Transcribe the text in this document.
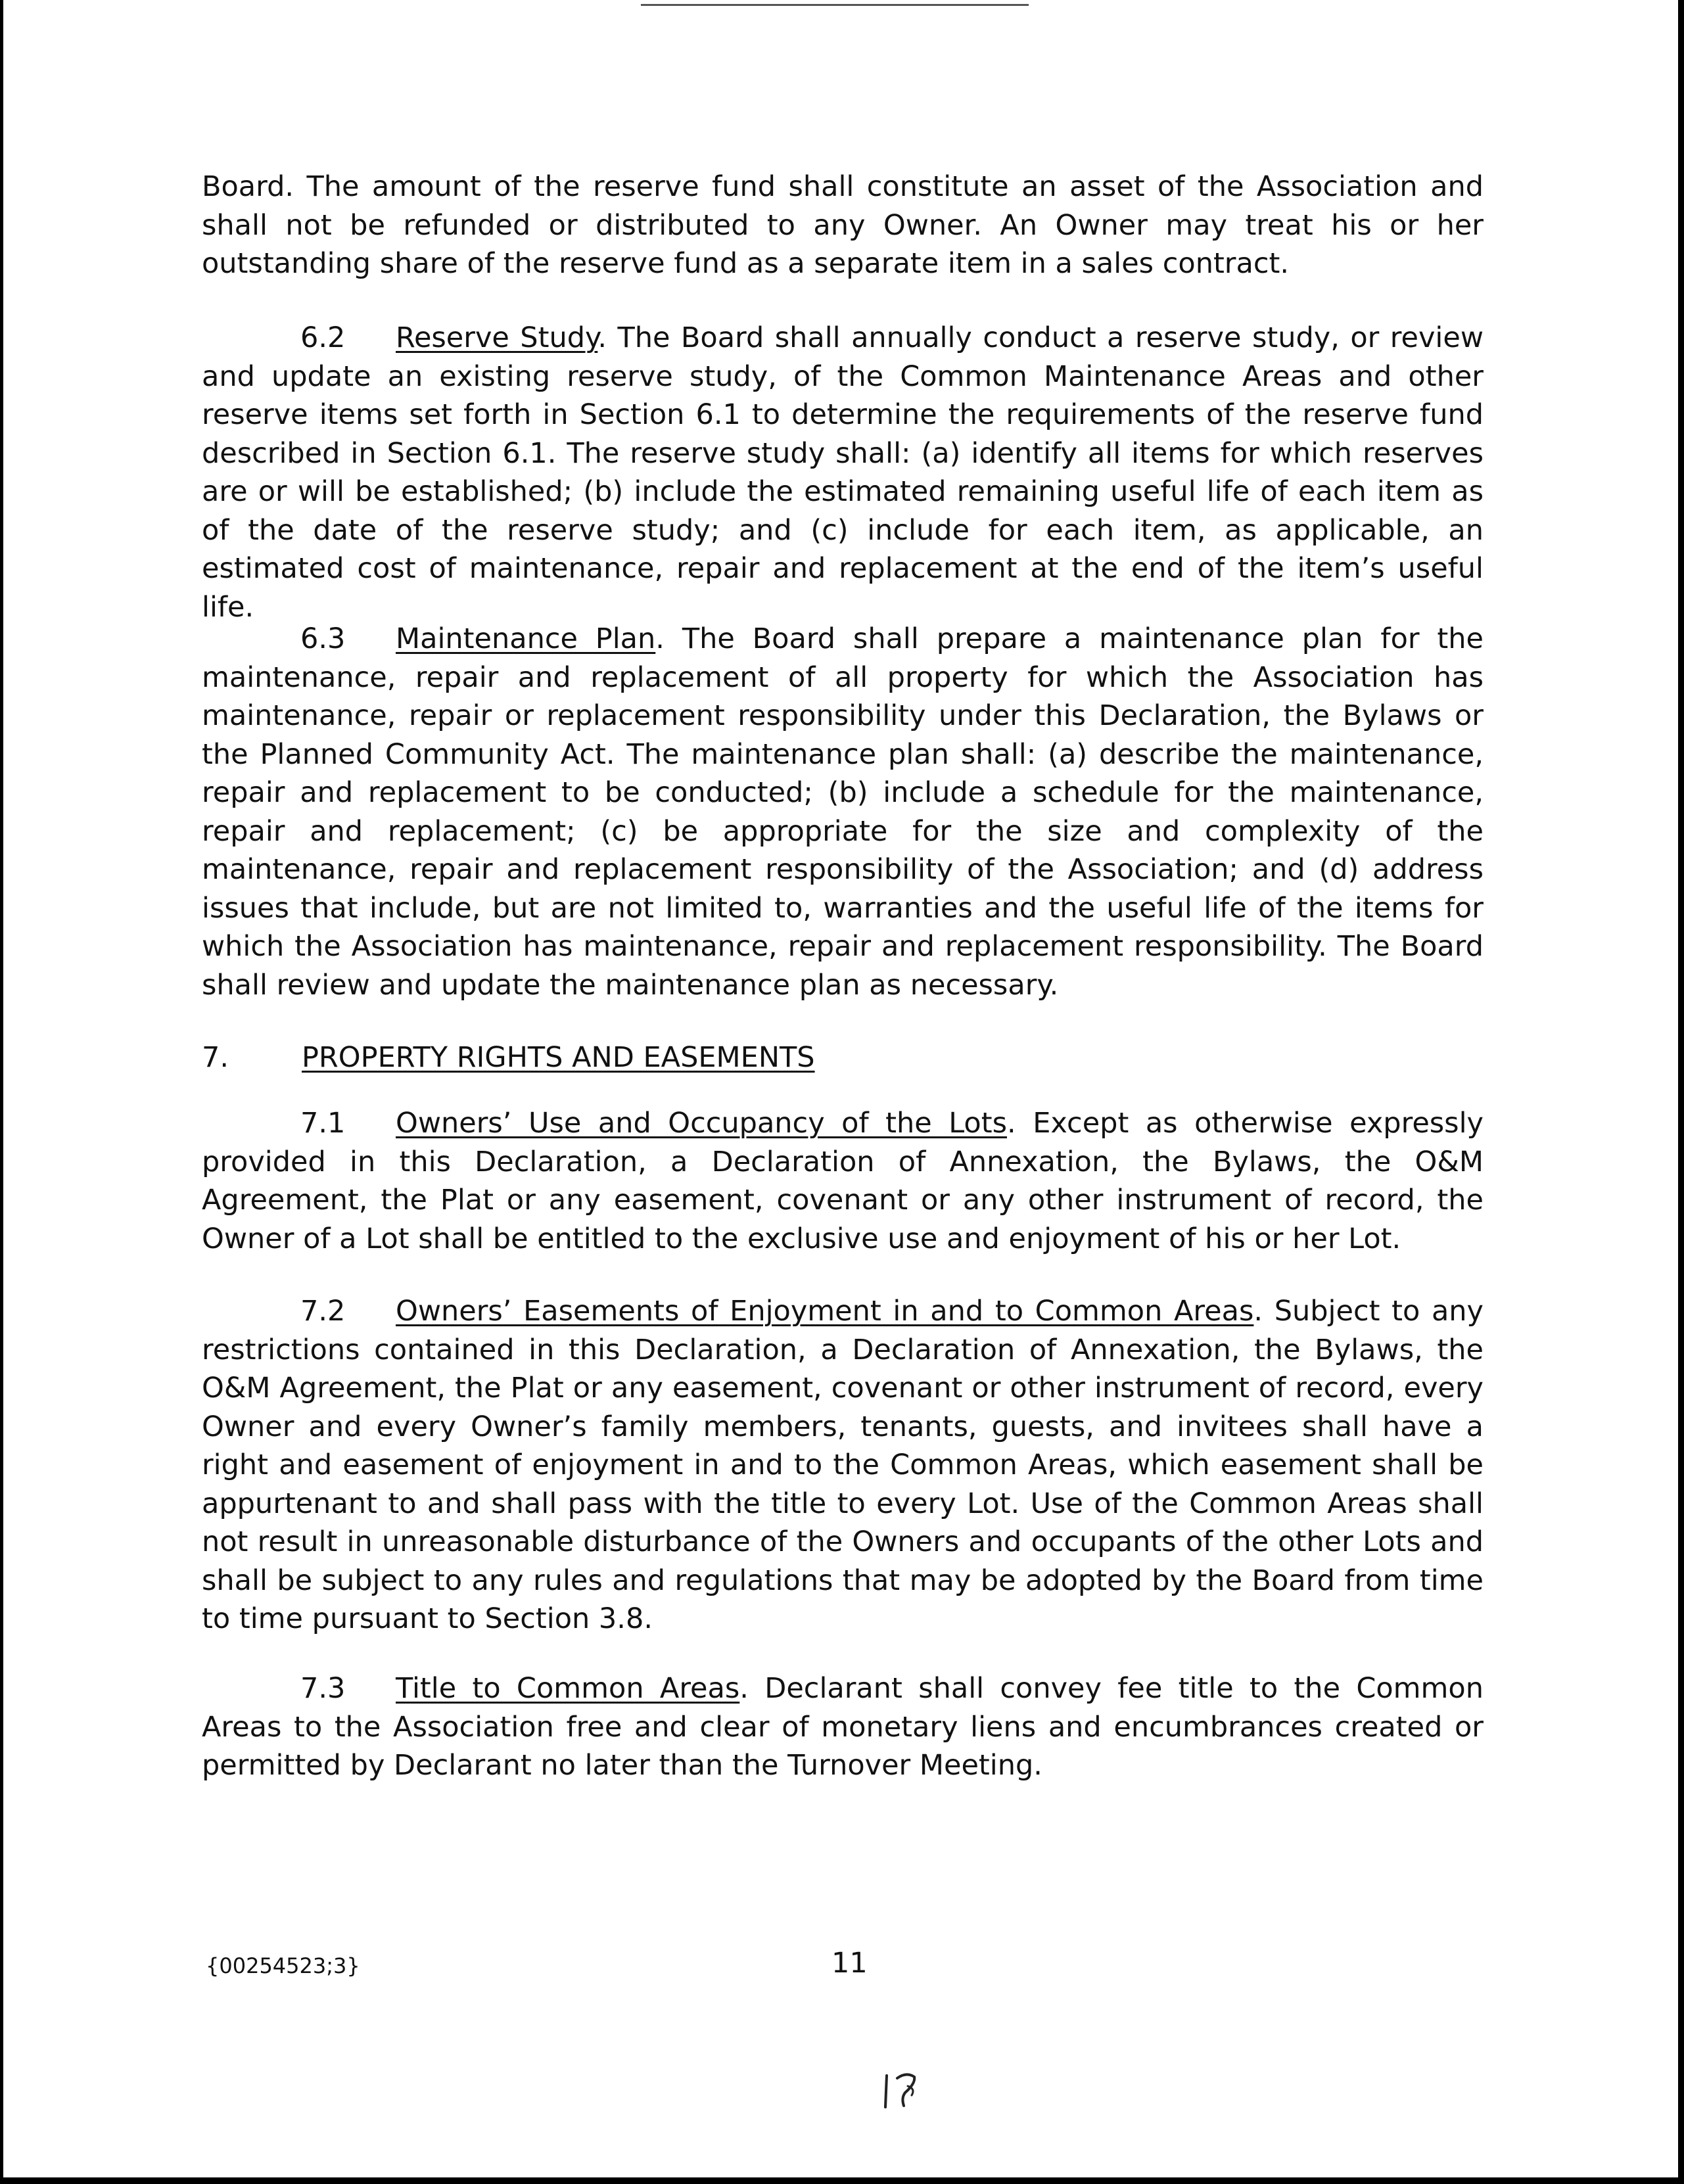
Board. The amount of the reserve fund shall constitute an asset of the Association and shall not be refunded or distributed to any Owner. An Owner may treat his or her outstanding share of the reserve fund as a separate item in a sales contract.

6.2 Reserve Study. The Board shall annually conduct a reserve study, or review and update an existing reserve study, of the Common Maintenance Areas and other reserve items set forth in Section 6.1 to determine the requirements of the reserve fund described in Section 6.1. The reserve study shall: (a) identify all items for which reserves are or will be established; (b) include the estimated remaining useful life of each item as of the date of the reserve study; and (c) include for each item, as applicable, an estimated cost of maintenance, repair and replacement at the end of the item’s useful life.

6.3 Maintenance Plan. The Board shall prepare a maintenance plan for the maintenance, repair and replacement of all property for which the Association has maintenance, repair or replacement responsibility under this Declaration, the Bylaws or the Planned Community Act. The maintenance plan shall: (a) describe the maintenance, repair and replacement to be conducted; (b) include a schedule for the maintenance, repair and replacement; (c) be appropriate for the size and complexity of the maintenance, repair and replacement responsibility of the Association; and (d) address issues that include, but are not limited to, warranties and the useful life of the items for which the Association has maintenance, repair and replacement responsibility. The Board shall review and update the maintenance plan as necessary.

7.	PROPERTY RIGHTS AND EASEMENTS

7.1 Owners’ Use and Occupancy of the Lots. Except as otherwise expressly provided in this Declaration, a Declaration of Annexation, the Bylaws, the O&M Agreement, the Plat or any easement, covenant or any other instrument of record, the Owner of a Lot shall be entitled to the exclusive use and enjoyment of his or her Lot.

7.2 Owners’ Easements of Enjoyment in and to Common Areas. Subject to any restrictions contained in this Declaration, a Declaration of Annexation, the Bylaws, the O&M Agreement, the Plat or any easement, covenant or other instrument of record, every Owner and every Owner’s family members, tenants, guests, and invitees shall have a right and easement of enjoyment in and to the Common Areas, which easement shall be appurtenant to and shall pass with the title to every Lot. Use of the Common Areas shall not result in unreasonable disturbance of the Owners and occupants of the other Lots and shall be subject to any rules and regulations that may be adopted by the Board from time to time pursuant to Section 3.8.

7.3 Title to Common Areas. Declarant shall convey fee title to the Common Areas to the Association free and clear of monetary liens and encumbrances created or permitted by Declarant no later than the Turnover Meeting.

{00254523;3}	11
